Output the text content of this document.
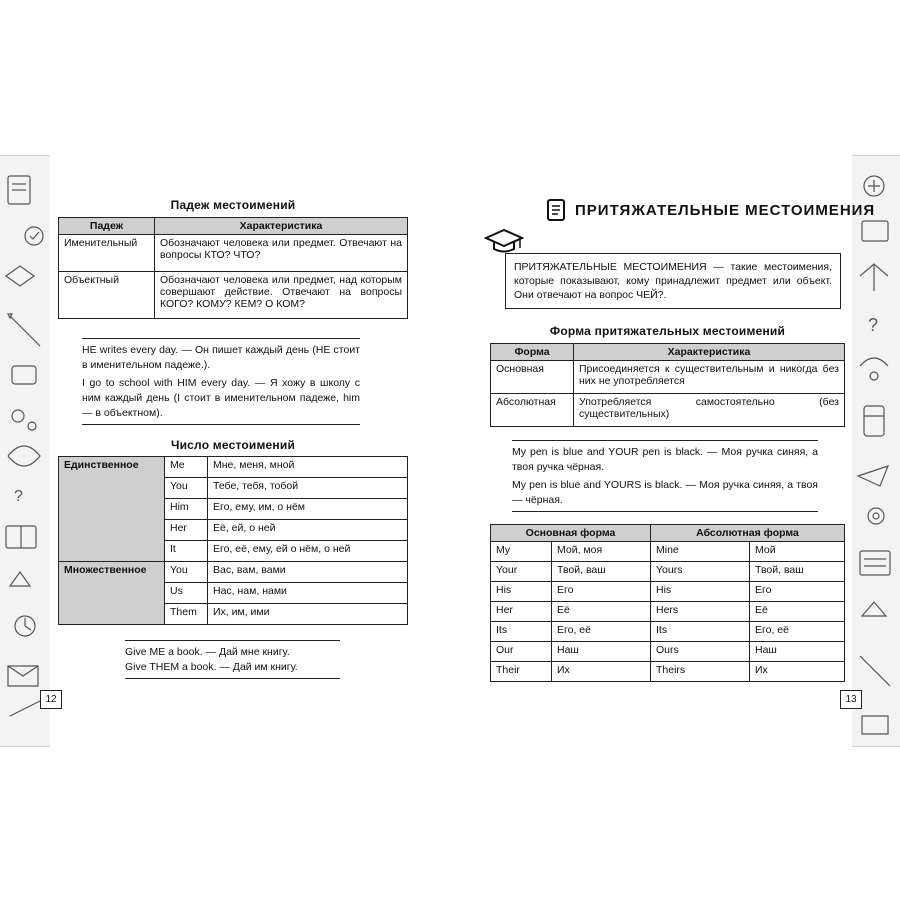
?
?
12	13
Падеж местоимений
Падеж	Характеристика
Именительный	Обозначают человека или предмет. Отвечают на вопросы КТО? ЧТО?
Объектный	Обозначают человека или предмет, над которым совершают действие. Отвечают на вопросы КОГО? КОМУ? КЕМ? О КОМ?

HE writes every day. — Он пишет каждый день (HE стоит в именительном падеже.).

I go to school with HIM every day. — Я хожу в школу с ним каждый день (I стоит в именительном падеже, him — в объектном).

Число местоимений
Единственное	Me	Мне, меня, мной
	You	Тебе, тебя, тобой
	Him	Его, ему, им, о нём
	Her	Её, ей, о ней
	It	Его, её, ему, ей о нём, о ней
Множественное	You	Вас, вам, вами
	Us	Нас, нам, нами
	Them	Их, им, ими

Give ME a book. — Дай мне книгу.

Give THEM a book. — Дай им книгу.

ПРИТЯЖАТЕЛЬНЫЕ МЕСТОИМЕНИЯ
ПРИТЯЖАТЕЛЬНЫЕ МЕСТОИМЕНИЯ — такие местоимения, которые показывают, кому принадлежит предмет или объект. Они отвечают на вопрос ЧЕЙ?.
Форма притяжательных местоимений
Форма	Характеристика
Основная	Присоединяется к существительным и никогда без них не употребляется
Абсолютная	Употребляется самостоятельно (без существительных)

My pen is blue and YOUR pen is black. — Моя ручка синяя, а твоя ручка чёрная.

My pen is blue and YOURS is black. — Моя ручка синяя, а твоя — чёрная.

Основная форма		Абсолютная форма	
My	Мой, моя	Mine	Мой
Your	Твой, ваш	Yours	Твой, ваш
His	Его	His	Его
Her	Её	Hers	Её
Its	Его, её	Its	Его, её
Our	Наш	Ours	Наш
Their	Их	Theirs	Их
